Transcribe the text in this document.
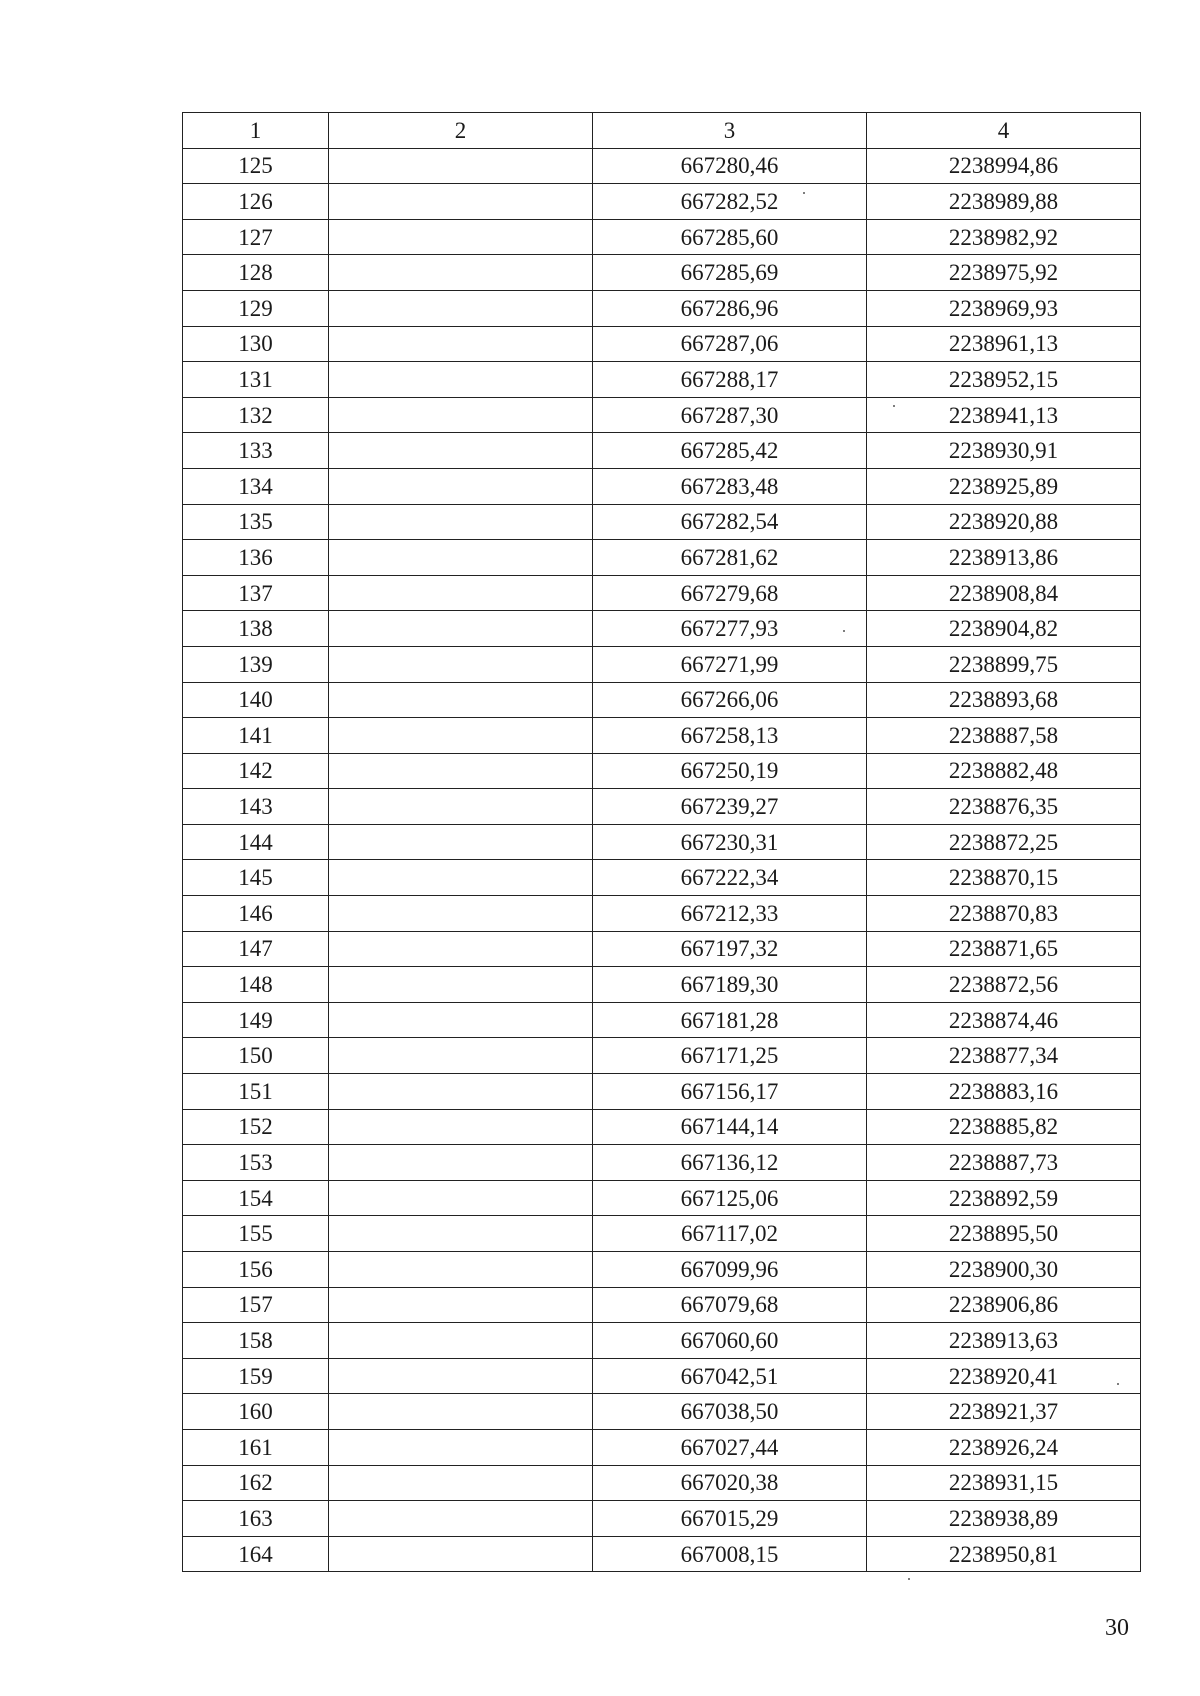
1	2	3	4
125		667280,46	2238994,86
126		667282,52	2238989,88
127		667285,60	2238982,92
128		667285,69	2238975,92
129		667286,96	2238969,93
130		667287,06	2238961,13
131		667288,17	2238952,15
132		667287,30	2238941,13
133		667285,42	2238930,91
134		667283,48	2238925,89
135		667282,54	2238920,88
136		667281,62	2238913,86
137		667279,68	2238908,84
138		667277,93	2238904,82
139		667271,99	2238899,75
140		667266,06	2238893,68
141		667258,13	2238887,58
142		667250,19	2238882,48
143		667239,27	2238876,35
144		667230,31	2238872,25
145		667222,34	2238870,15
146		667212,33	2238870,83
147		667197,32	2238871,65
148		667189,30	2238872,56
149		667181,28	2238874,46
150		667171,25	2238877,34
151		667156,17	2238883,16
152		667144,14	2238885,82
153		667136,12	2238887,73
154		667125,06	2238892,59
155		667117,02	2238895,50
156		667099,96	2238900,30
157		667079,68	2238906,86
158		667060,60	2238913,63
159		667042,51	2238920,41
160		667038,50	2238921,37
161		667027,44	2238926,24
162		667020,38	2238931,15
163		667015,29	2238938,89
164		667008,15	2238950,81
30
